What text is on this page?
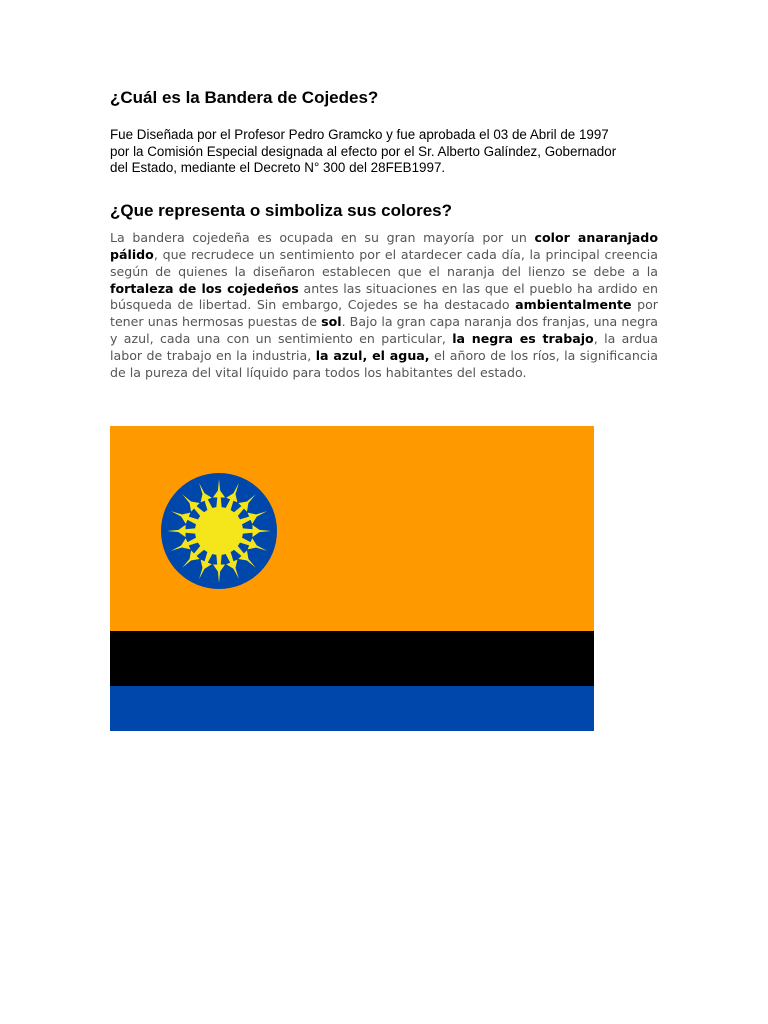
¿Cuál es la Bandera de Cojedes?

Fue Diseñada por el Profesor Pedro Gramcko y fue aprobada el 03 de Abril de 1997
por la Comisión Especial designada al efecto por el Sr. Alberto Galíndez, Gobernador
del Estado, mediante el Decreto N° 300 del 28FEB1997.

¿Que representa o simboliza sus colores?

La bandera cojedeña es ocupada en su gran mayoría por un color anaranjado pálido, que recrudece un sentimiento por el atardecer cada día, la principal creencia según de quienes la diseñaron establecen que el naranja del lienzo se debe a la fortaleza de los cojedeños antes las situaciones en las que el pueblo ha ardido en búsqueda de libertad. Sin embargo, Cojedes se ha destacado ambientalmente por tener unas hermosas puestas de sol. Bajo la gran capa naranja dos franjas, una negra y azul, cada una con un sentimiento en particular, la negra es trabajo, la ardua labor de trabajo en la industria, la azul, el agua, el añoro de los ríos, la significancia de la pureza del vital líquido para todos los habitantes del estado.
